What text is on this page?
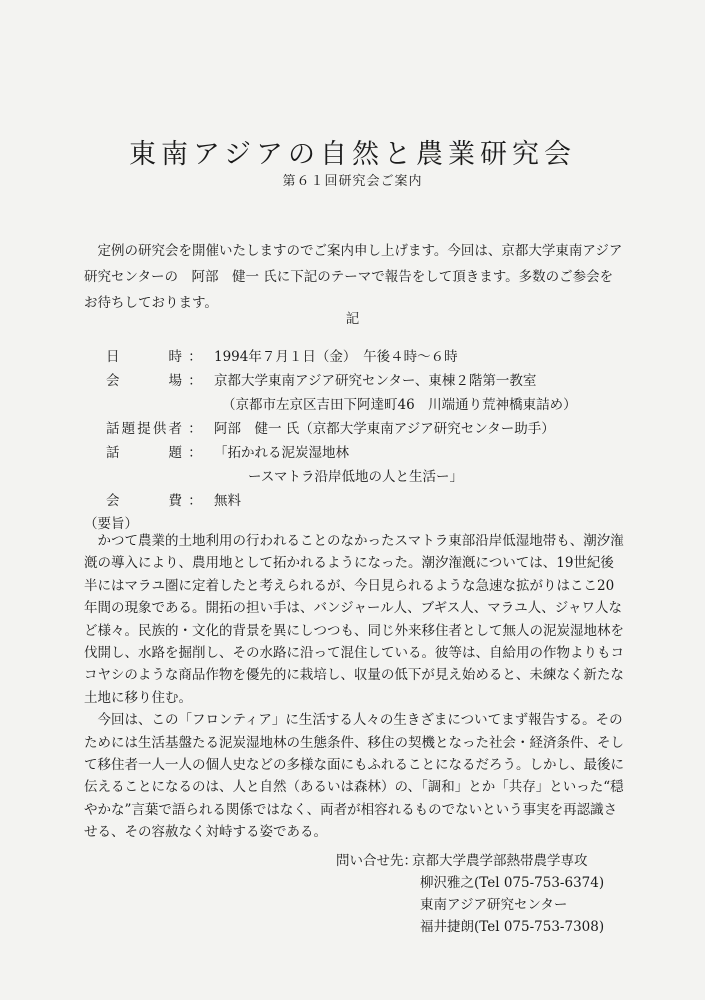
東南アジアの自然と農業研究会
第６１回研究会ご案内

定例の研究会を開催いたしますのでご案内申し上げます。今回は、京都大学東南アジア研究センターの　阿部　健一 氏に下記のテーマで報告をして頂きます。多数のご参会をお待ちしております。

記
日時 ： 1994年７月１日（金）　午後４時～６時
会場 ： 京都大学東南アジア研究センター、東棟２階第一教室
（京都市左京区吉田下阿達町46　川端通り荒神橋東詰め）
話題提供者 ： 阿部　健一 氏（京都大学東南アジア研究センター助手）
話題 ： 「拓かれる泥炭湿地林
ースマトラ沿岸低地の人と生活ー」
会費 ： 無料
（要旨）

かつて農業的土地利用の行われることのなかったスマトラ東部沿岸低湿地帯も、潮汐潅漑の導入により、農用地として拓かれるようになった。潮汐潅漑については、19世紀後半にはマラユ圏に定着したと考えられるが、今日見られるような急速な拡がりはここ20年間の現象である。開拓の担い手は、バンジャール人、ブギス人、マラユ人、ジャワ人など様々。民族的・文化的背景を異にしつつも、同じ外来移住者として無人の泥炭湿地林を伐開し、水路を掘削し、その水路に沿って混住している。彼等は、自給用の作物よりもココヤシのような商品作物を優先的に栽培し、収量の低下が見え始めると、未練なく新たな土地に移り住む。

今回は、この「フロンティア」に生活する人々の生きざまについてまず報告する。そのためには生活基盤たる泥炭湿地林の生態条件、移住の契機となった社会・経済条件、そして移住者一人一人の個人史などの多様な面にもふれることになるだろう。しかし、最後に伝えることになるのは、人と自然（あるいは森林）の、「調和」とか「共存」といった“穏やかな”言葉で語られる関係ではなく、両者が相容れるものでないという事実を再認識させる、その容赦なく対峙する姿である。

問い合せ先：
京都大学農学部熱帯農学専攻
柳沢雅之(Tel 075-753-6374)
東南アジア研究センター
福井捷朗(Tel 075-753-7308)
